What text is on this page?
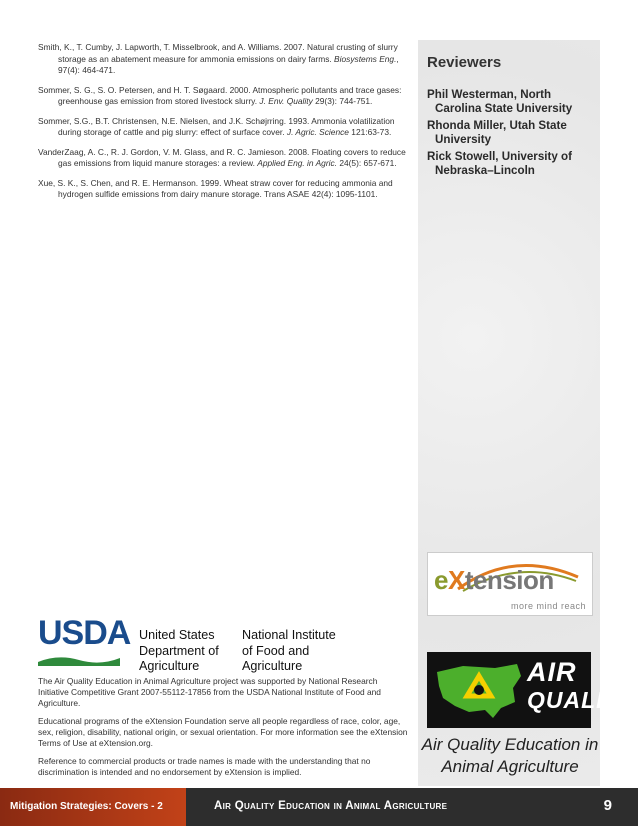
Smith, K., T. Cumby, J. Lapworth, T. Misselbrook, and A. Williams. 2007. Natural crusting of slurry storage as an abatement measure for ammonia emissions on dairy farms. Biosystems Eng., 97(4): 464-471.

Sommer, S. G., S. O. Petersen, and H. T. Søgaard. 2000. Atmospheric pollutants and trace gases: greenhouse gas emission from stored livestock slurry. J. Env. Quality 29(3): 744-751.

Sommer, S.G., B.T. Christensen, N.E. Nielsen, and J.K. Schøjrring. 1993. Ammonia volatilization during storage of cattle and pig slurry: effect of surface cover. J. Agric. Science 121:63-73.

VanderZaag, A. C., R. J. Gordon, V. M. Glass, and R. C. Jamieson. 2008. Floating covers to reduce gas emissions from liquid manure storages: a review. Applied Eng. in Agric. 24(5): 657-671.

Xue, S. K., S. Chen, and R. E. Hermanson. 1999. Wheat straw cover for reducing ammonia and hydrogen sulfide emissions from dairy manure storage. Trans ASAE 42(4): 1095-1101.

Reviewers
Phil Westerman, North Carolina State University
Rhonda Miller, Utah State University
Rick Stowell, University of Nebraska–Lincoln
eXtension
more mind reach
AIR
QUALITY
Air Quality Education in Animal Agriculture
USDA United States
Department of
Agriculture
National Institute
of Food and
Agriculture
The Air Quality Education in Animal Agriculture project was supported by National Research Initiative Competitive Grant 2007-55112-17856 from the USDA National Institute of Food and Agriculture.
Educational programs of the eXtension Foundation serve all people regardless of race, color, age, sex, religion, disability, national origin, or sexual orientation. For more information see the eXtension Terms of Use at eXtension.org.
Reference to commercial products or trade names is made with the understanding that no discrimination is intended and no endorsement by eXtension is implied.
Mitigation Strategies: Covers - 2	Air Quality Education in Animal Agriculture	9
